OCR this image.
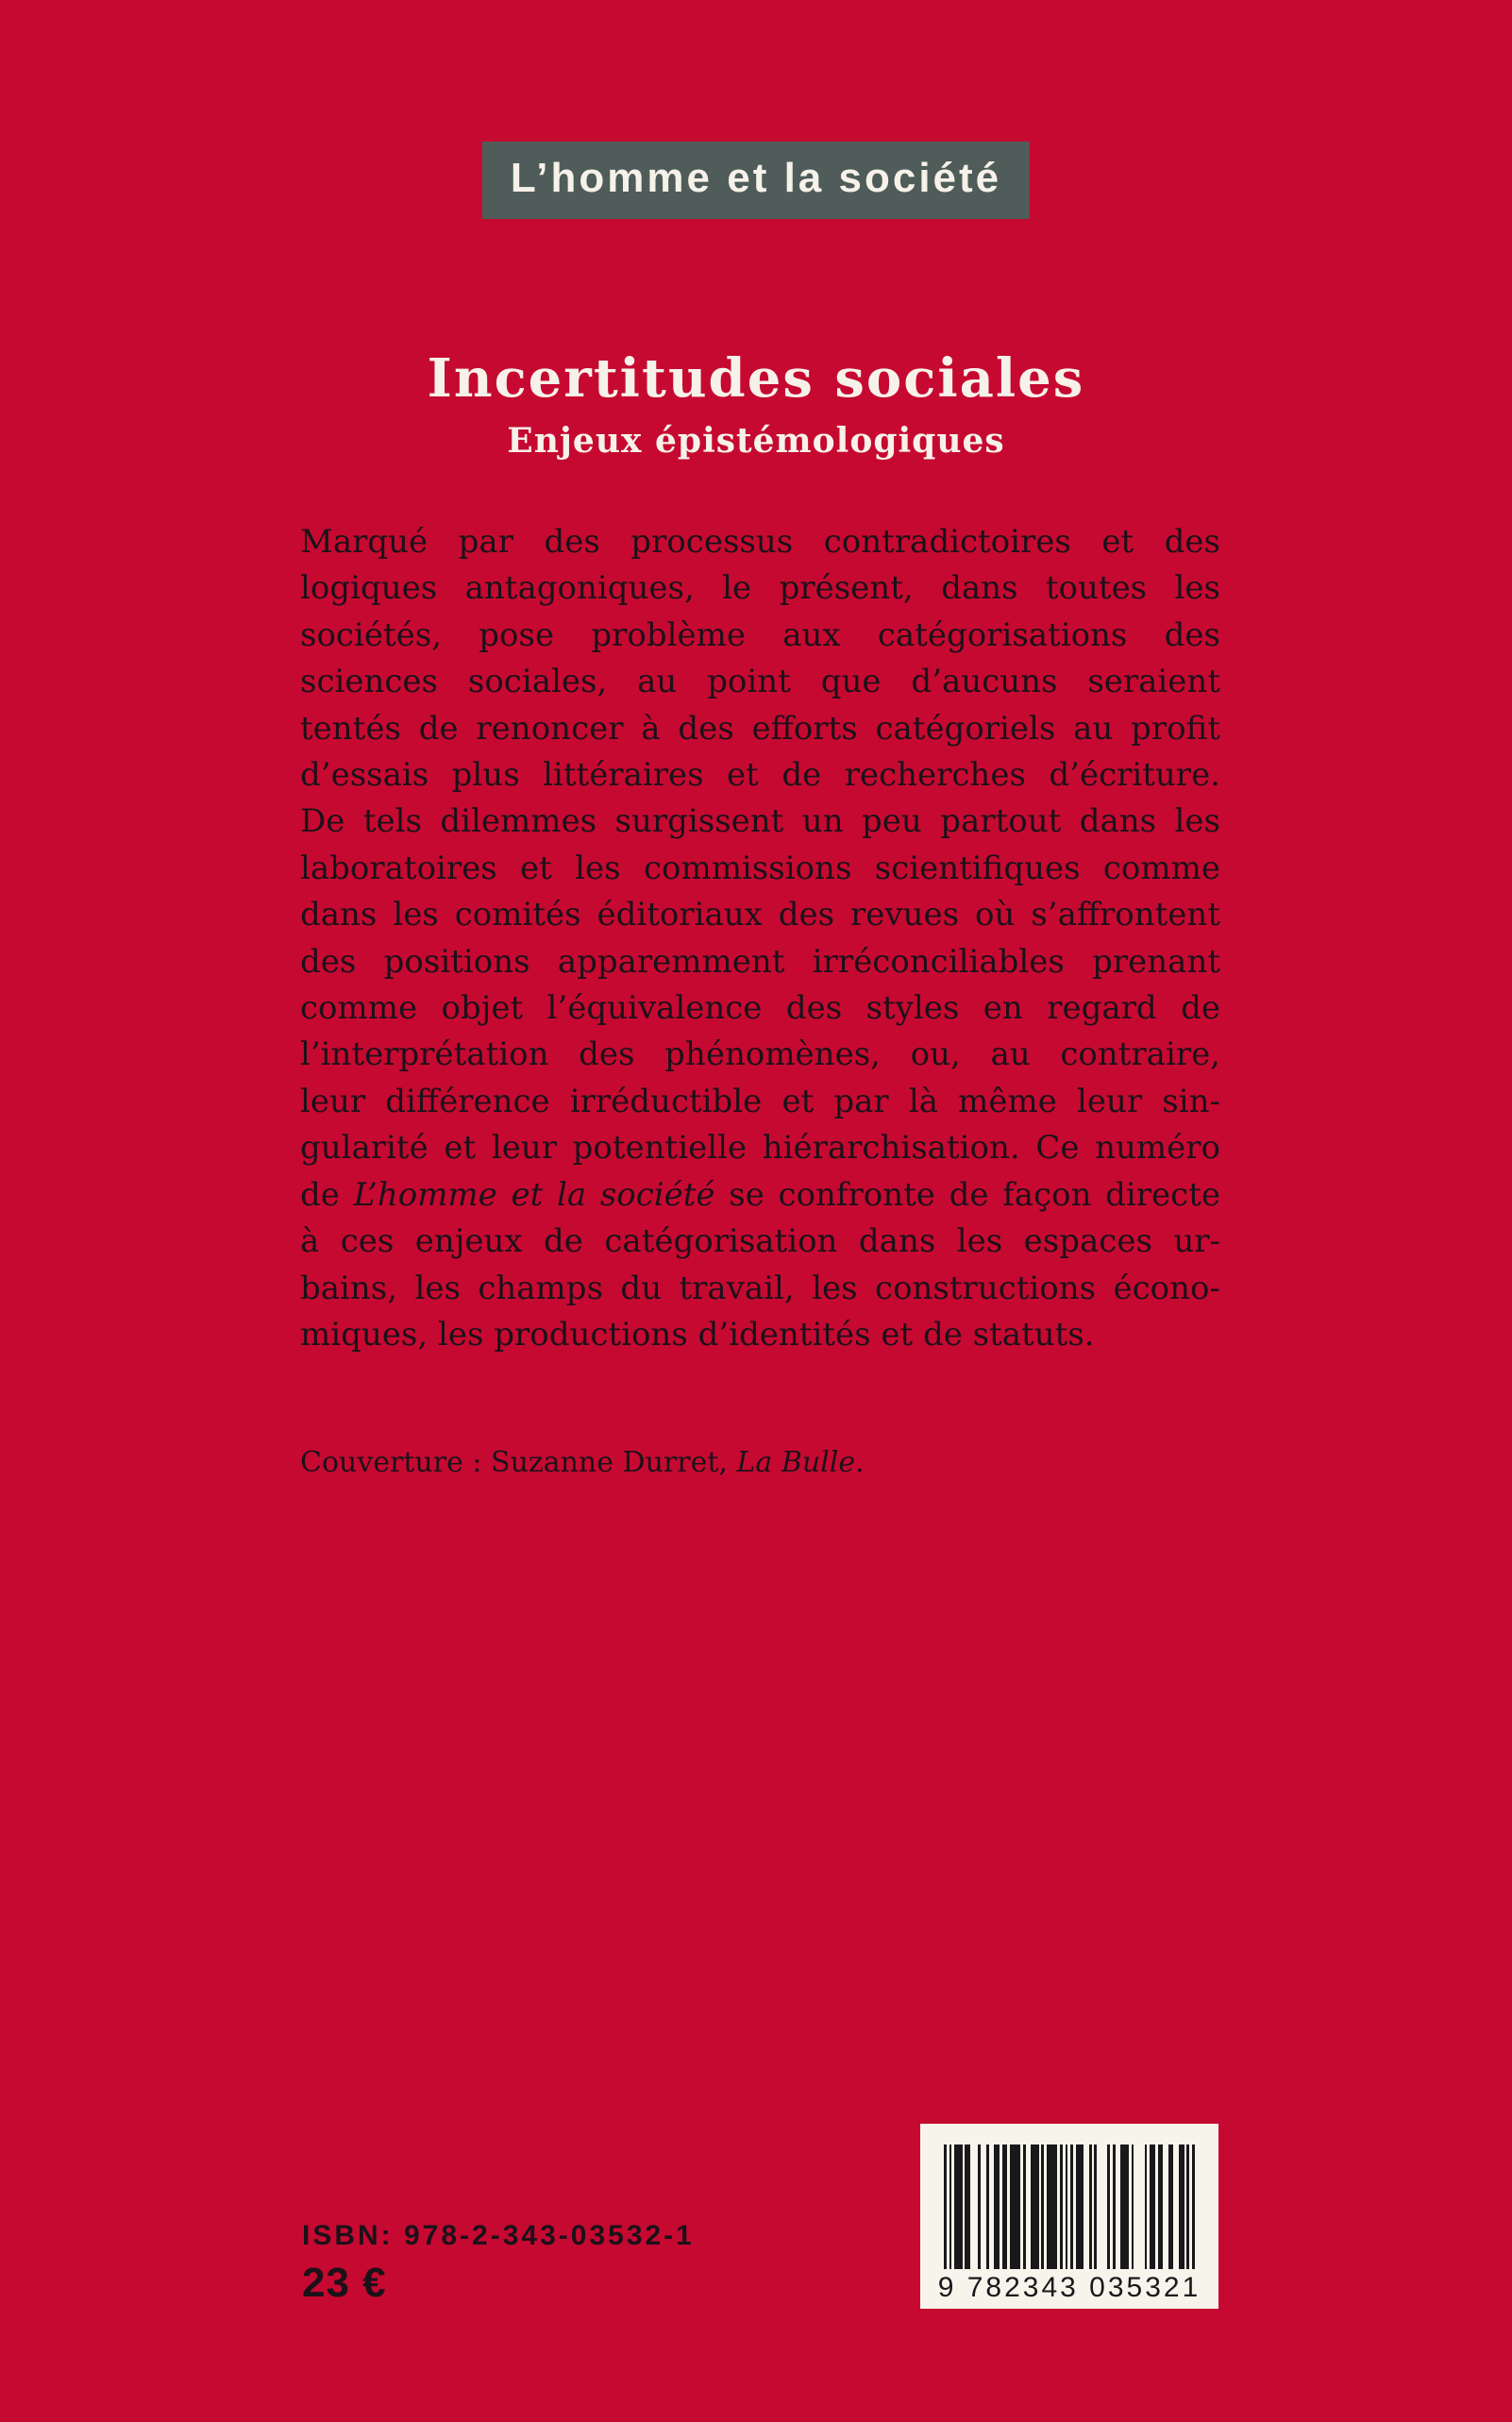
L’homme et la société
Incertitudes sociales
Enjeux épistémologiques
Marqué par des processus contradictoires et des
logiques antagoniques, le présent, dans toutes les
sociétés, pose problème aux catégorisations des
sciences sociales, au point que d’aucuns seraient
tentés de renoncer à des efforts catégoriels au profit
d’essais plus littéraires et de recherches d’écriture.
De tels dilemmes surgissent un peu partout dans les
laboratoires et les commissions scientifiques comme
dans les comités éditoriaux des revues où s’affrontent
des positions apparemment irréconciliables prenant
comme objet l’équivalence des styles en regard de
l’interprétation des phénomènes, ou, au contraire,
leur différence irréductible et par là même leur sin-
gularité et leur potentielle hiérarchisation. Ce numéro
de L’homme et la société se confronte de façon directe
à ces enjeux de catégorisation dans les espaces ur-
bains, les champs du travail, les constructions écono-
miques, les productions d’identités et de statuts.
Couverture : Suzanne Durret, La Bulle.
ISBN: 978-2-343-03532-1
23 €	9 782343 035321
